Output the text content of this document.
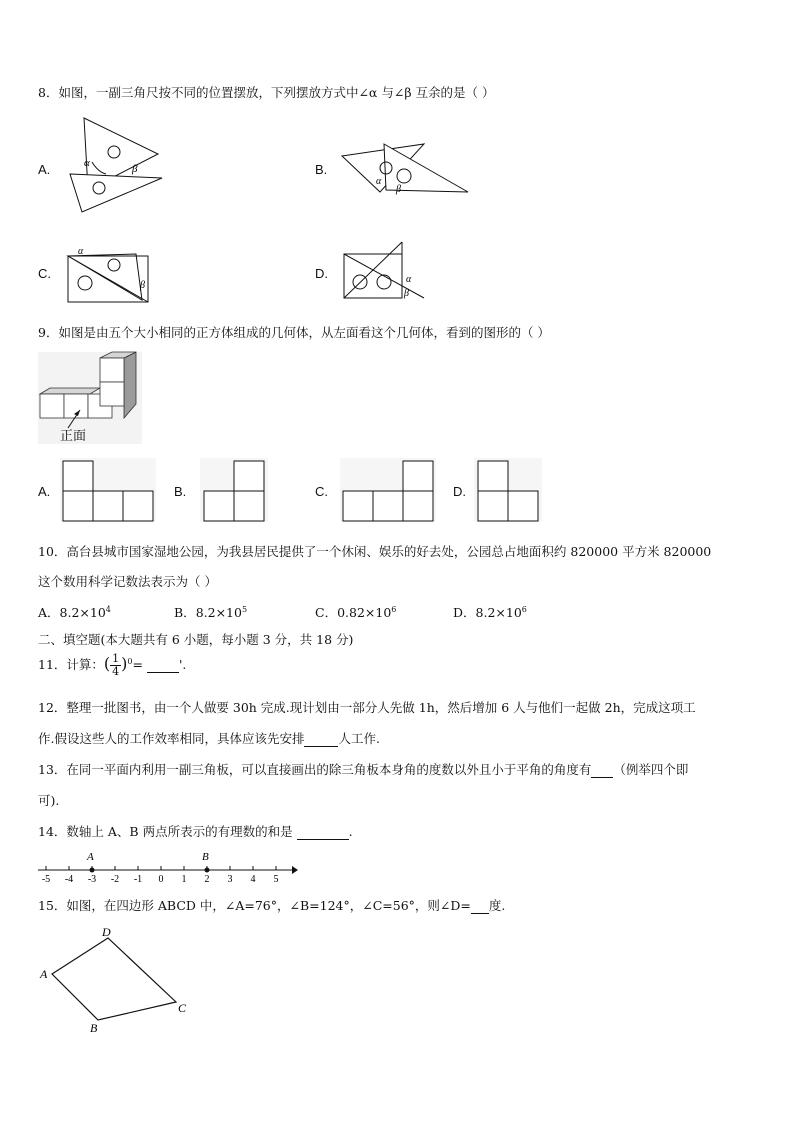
8．如图，一副三角尺按不同的位置摆放，下列摆放方式中∠α 与∠β 互余的是（ ）
A.	α	β	B.
α
β
C.
α
β
D.	α
β
9．如图是由五个大小相同的正方体组成的几何体，从左面看这个几何体，看到的图形的（ ）
正面
A.	B.	C.	D.
10．高台县城市国家湿地公园，为我县居民提供了一个休闲、娱乐的好去处，公园总占地面积约 820000 平方米 820000
这个数用科学记数法表示为（ ）
A．$8.2\times 10^4$	B．$8.2\times 10^5$	C．$0.82\times 10^6$	D．$8.2\times 10^6$
二、填空题(本大题共有 6 小题，每小题 3 分，共 18 分)
11．计算：( $\frac{1}{4} )^0=$	'.
12．整理一批图书，由一个人做要 30h 完成.现计划由一部分人先做 1h，然后增加 6 人与他们一起做 2h，完成这项工
作.假设这些人的工作效率相同，具体应该先安排	人工作.
13．在同一平面内利用一副三角板，可以直接画出的除三角板本身角的度数以外且小于平角的角度有 （例举四个即
可).
14．数轴上 A、B 两点所表示的有理数的和是	.
-5 -4 -3 -2 -1 0 1 2 3 4 5
A	B
15．如图，在四边形 ABCD 中，∠A=76°，∠B=124°，∠C=56°，则∠D= 度.
A
D
C
B
